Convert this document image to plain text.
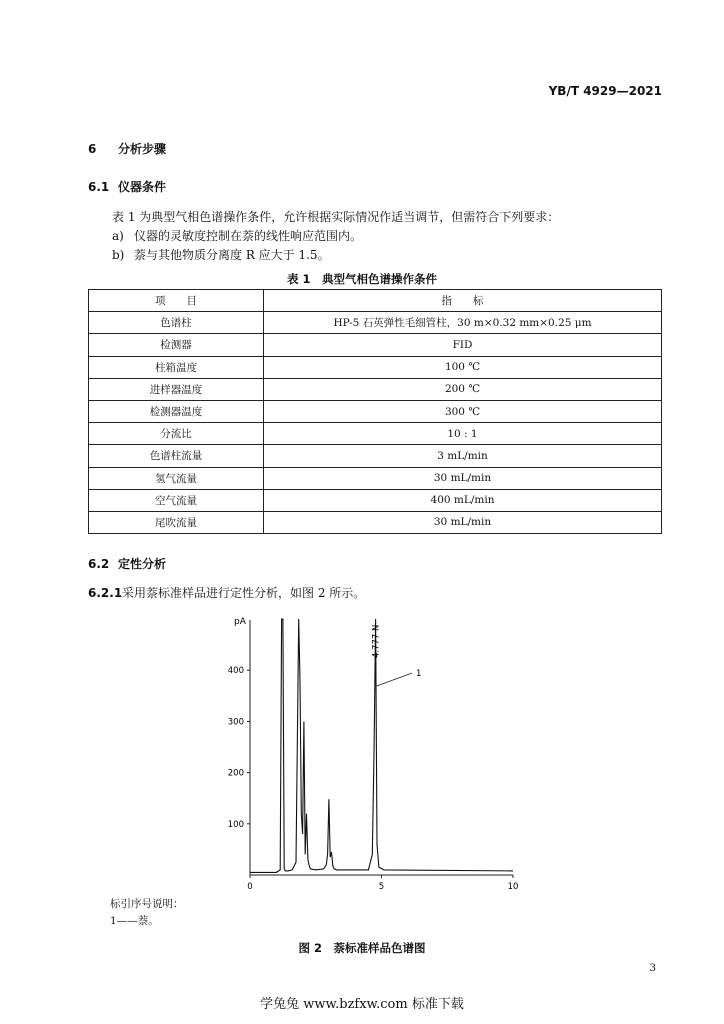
YB/T 4929—2021
6 分析步骤
6.1 仪器条件
表 1 为典型气相色谱操作条件，允许根据实际情况作适当调节，但需符合下列要求：
a) 仪器的灵敏度控制在萘的线性响应范围内。
b) 萘与其他物质分离度 R 应大于 1.5。
表 1　典型气相色谱操作条件
项　　目	指　　标
色谱柱	HP-5 石英弹性毛细管柱，30 m×0.32 mm×0.25 μm
检测器	FID
柱箱温度	100 ℃
进样器温度	200 ℃
检测器温度	300 ℃
分流比	10 : 1
色谱柱流量	3 mL/min
氢气流量	30 mL/min
空气流量	400 mL/min
尾吹流量	30 mL/min
6.2 定性分析
6.2.1采用萘标准样品进行定性分析，如图 2 所示。
pA
100
200
300
400
0	5	10
4.777 N
1
标引序号说明：
1——萘。
图 2　萘标准样品色谱图
3
学兔兔 www.bzfxw.com 标准下载
